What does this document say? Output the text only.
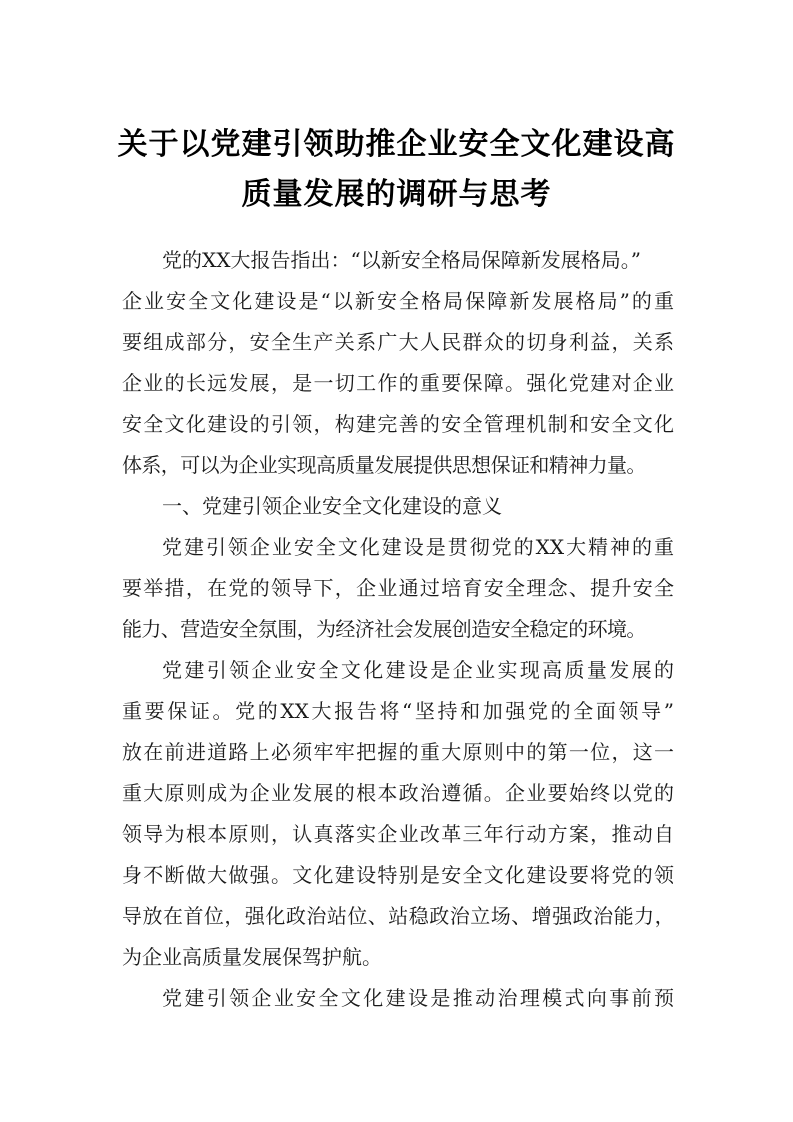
关于以党建引领助推企业安全文化建设高
质量发展的调研与思考
党的XX大报告指出：“以新安全格局保障新发展格局。”
企业安全文化建设是“以新安全格局保障新发展格局”的重
要组成部分，安全生产关系广大人民群众的切身利益，关系
企业的长远发展，是一切工作的重要保障。强化党建对企业
安全文化建设的引领，构建完善的安全管理机制和安全文化
体系，可以为企业实现高质量发展提供思想保证和精神力量。
一、党建引领企业安全文化建设的意义
党建引领企业安全文化建设是贯彻党的XX大精神的重
要举措，在党的领导下，企业通过培育安全理念、提升安全
能力、营造安全氛围，为经济社会发展创造安全稳定的环境。
党建引领企业安全文化建设是企业实现高质量发展的
重要保证。党的XX大报告将“坚持和加强党的全面领导”
放在前进道路上必须牢牢把握的重大原则中的第一位，这一
重大原则成为企业发展的根本政治遵循。企业要始终以党的
领导为根本原则，认真落实企业改革三年行动方案，推动自
身不断做大做强。文化建设特别是安全文化建设要将党的领
导放在首位，强化政治站位、站稳政治立场、增强政治能力，
为企业高质量发展保驾护航。
党建引领企业安全文化建设是推动治理模式向事前预
